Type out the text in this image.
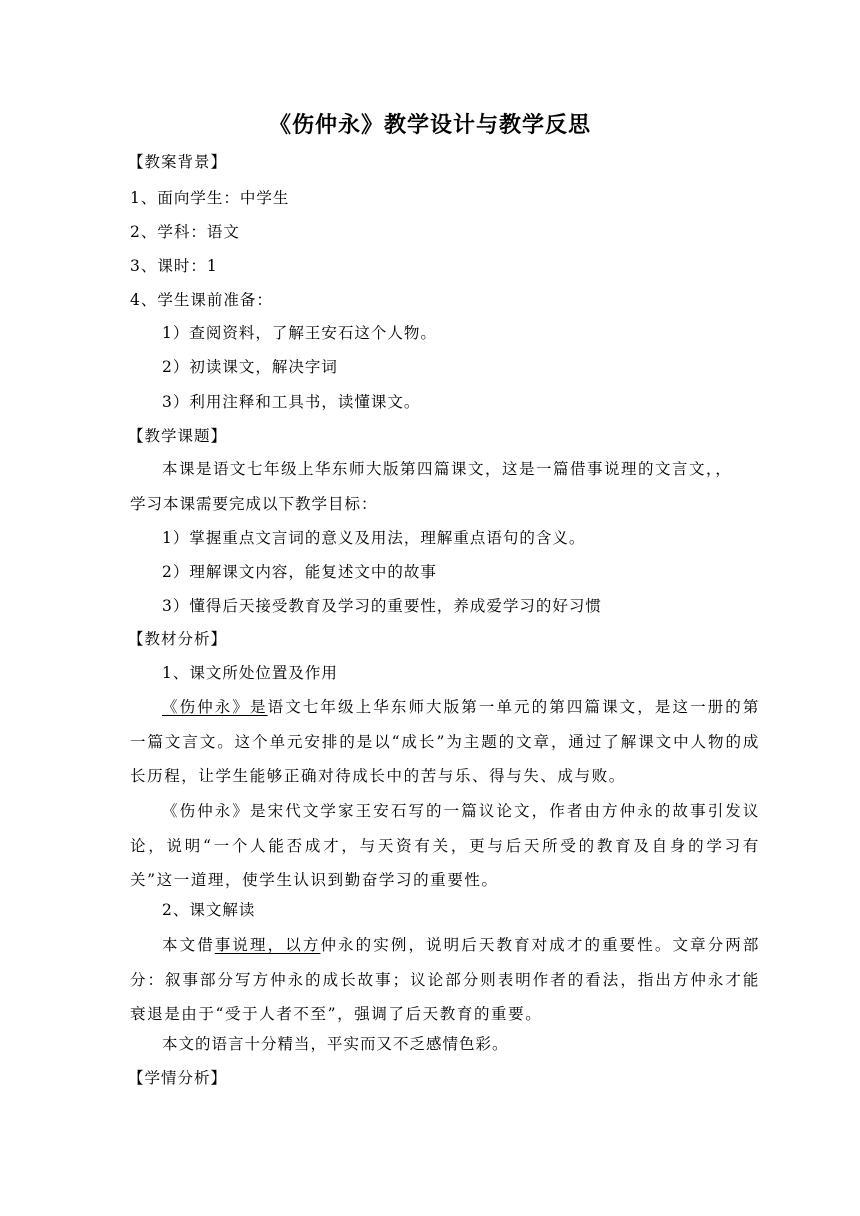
《伤仲永》教学设计与教学反思
【教案背景】
1、面向学生：中学生
2、学科：语文
3、课时：1
4、学生课前准备：
1）查阅资料，了解王安石这个人物。
2）初读课文，解决字词
3）利用注释和工具书，读懂课文。
【教学课题】
本课是语文七年级上华东师大版第四篇课文，这是一篇借事说理的文言文，，
学习本课需要完成以下教学目标：
1）掌握重点文言词的意义及用法，理解重点语句的含义。
2）理解课文内容，能复述文中的故事
3）懂得后天接受教育及学习的重要性，养成爱学习的好习惯
【教材分析】
1、课文所处位置及作用
《伤仲永》是语文七年级上华东师大版第一单元的第四篇课文，是这一册的第一篇文言文。这个单元安排的是以“成长”为主题的文章，通过了解课文中人物的成长历程，让学生能够正确对待成长中的苦与乐、得与失、成与败。
《伤仲永》是宋代文学家王安石写的一篇议论文，作者由方仲永的故事引发议论，说明“一个人能否成才，与天资有关，更与后天所受的教育及自身的学习有关”这一道理，使学生认识到勤奋学习的重要性。
2、课文解读
本文借事说理，以方仲永的实例，说明后天教育对成才的重要性。文章分两部分：叙事部分写方仲永的成长故事；议论部分则表明作者的看法，指出方仲永才能衰退是由于“受于人者不至”，强调了后天教育的重要。
本文的语言十分精当，平实而又不乏感情色彩。
【学情分析】
